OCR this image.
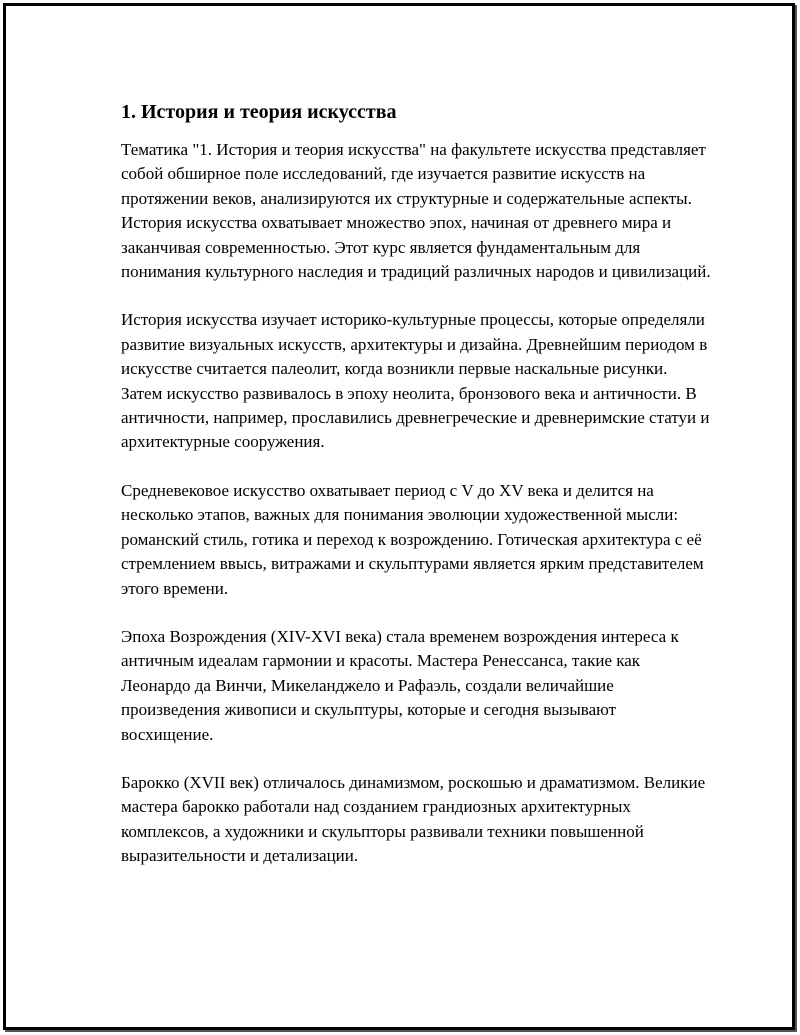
1. История и теория искусства

Тематика "1. История и теория искусства" на факультете искусства представляет собой обширное поле исследований, где изучается развитие искусств на протяжении веков, анализируются их структурные и содержательные аспекты. История искусства охватывает множество эпох, начиная от древнего мира и заканчивая современностью. Этот курс является фундаментальным для понимания культурного наследия и традиций различных народов и цивилизаций.

История искусства изучает историко-культурные процессы, которые определяли развитие визуальных искусств, архитектуры и дизайна. Древнейшим периодом в искусстве считается палеолит, когда возникли первые наскальные рисунки. Затем искусство развивалось в эпоху неолита, бронзового века и античности. В античности, например, прославились древнегреческие и древнеримские статуи и архитектурные сооружения.

Средневековое искусство охватывает период с V до XV века и делится на несколько этапов, важных для понимания эволюции художественной мысли: романский стиль, готика и переход к возрождению. Готическая архитектура с её стремлением ввысь, витражами и скульптурами является ярким представителем этого времени.

Эпоха Возрождения (XIV-XVI века) стала временем возрождения интереса к античным идеалам гармонии и красоты. Мастера Ренессанса, такие как Леонардо да Винчи, Микеланджело и Рафаэль, создали величайшие произведения живописи и скульптуры, которые и сегодня вызывают восхищение.

Барокко (XVII век) отличалось динамизмом, роскошью и драматизмом. Великие мастера барокко работали над созданием грандиозных архитектурных комплексов, а художники и скульпторы развивали техники повышенной выразительности и детализации.
